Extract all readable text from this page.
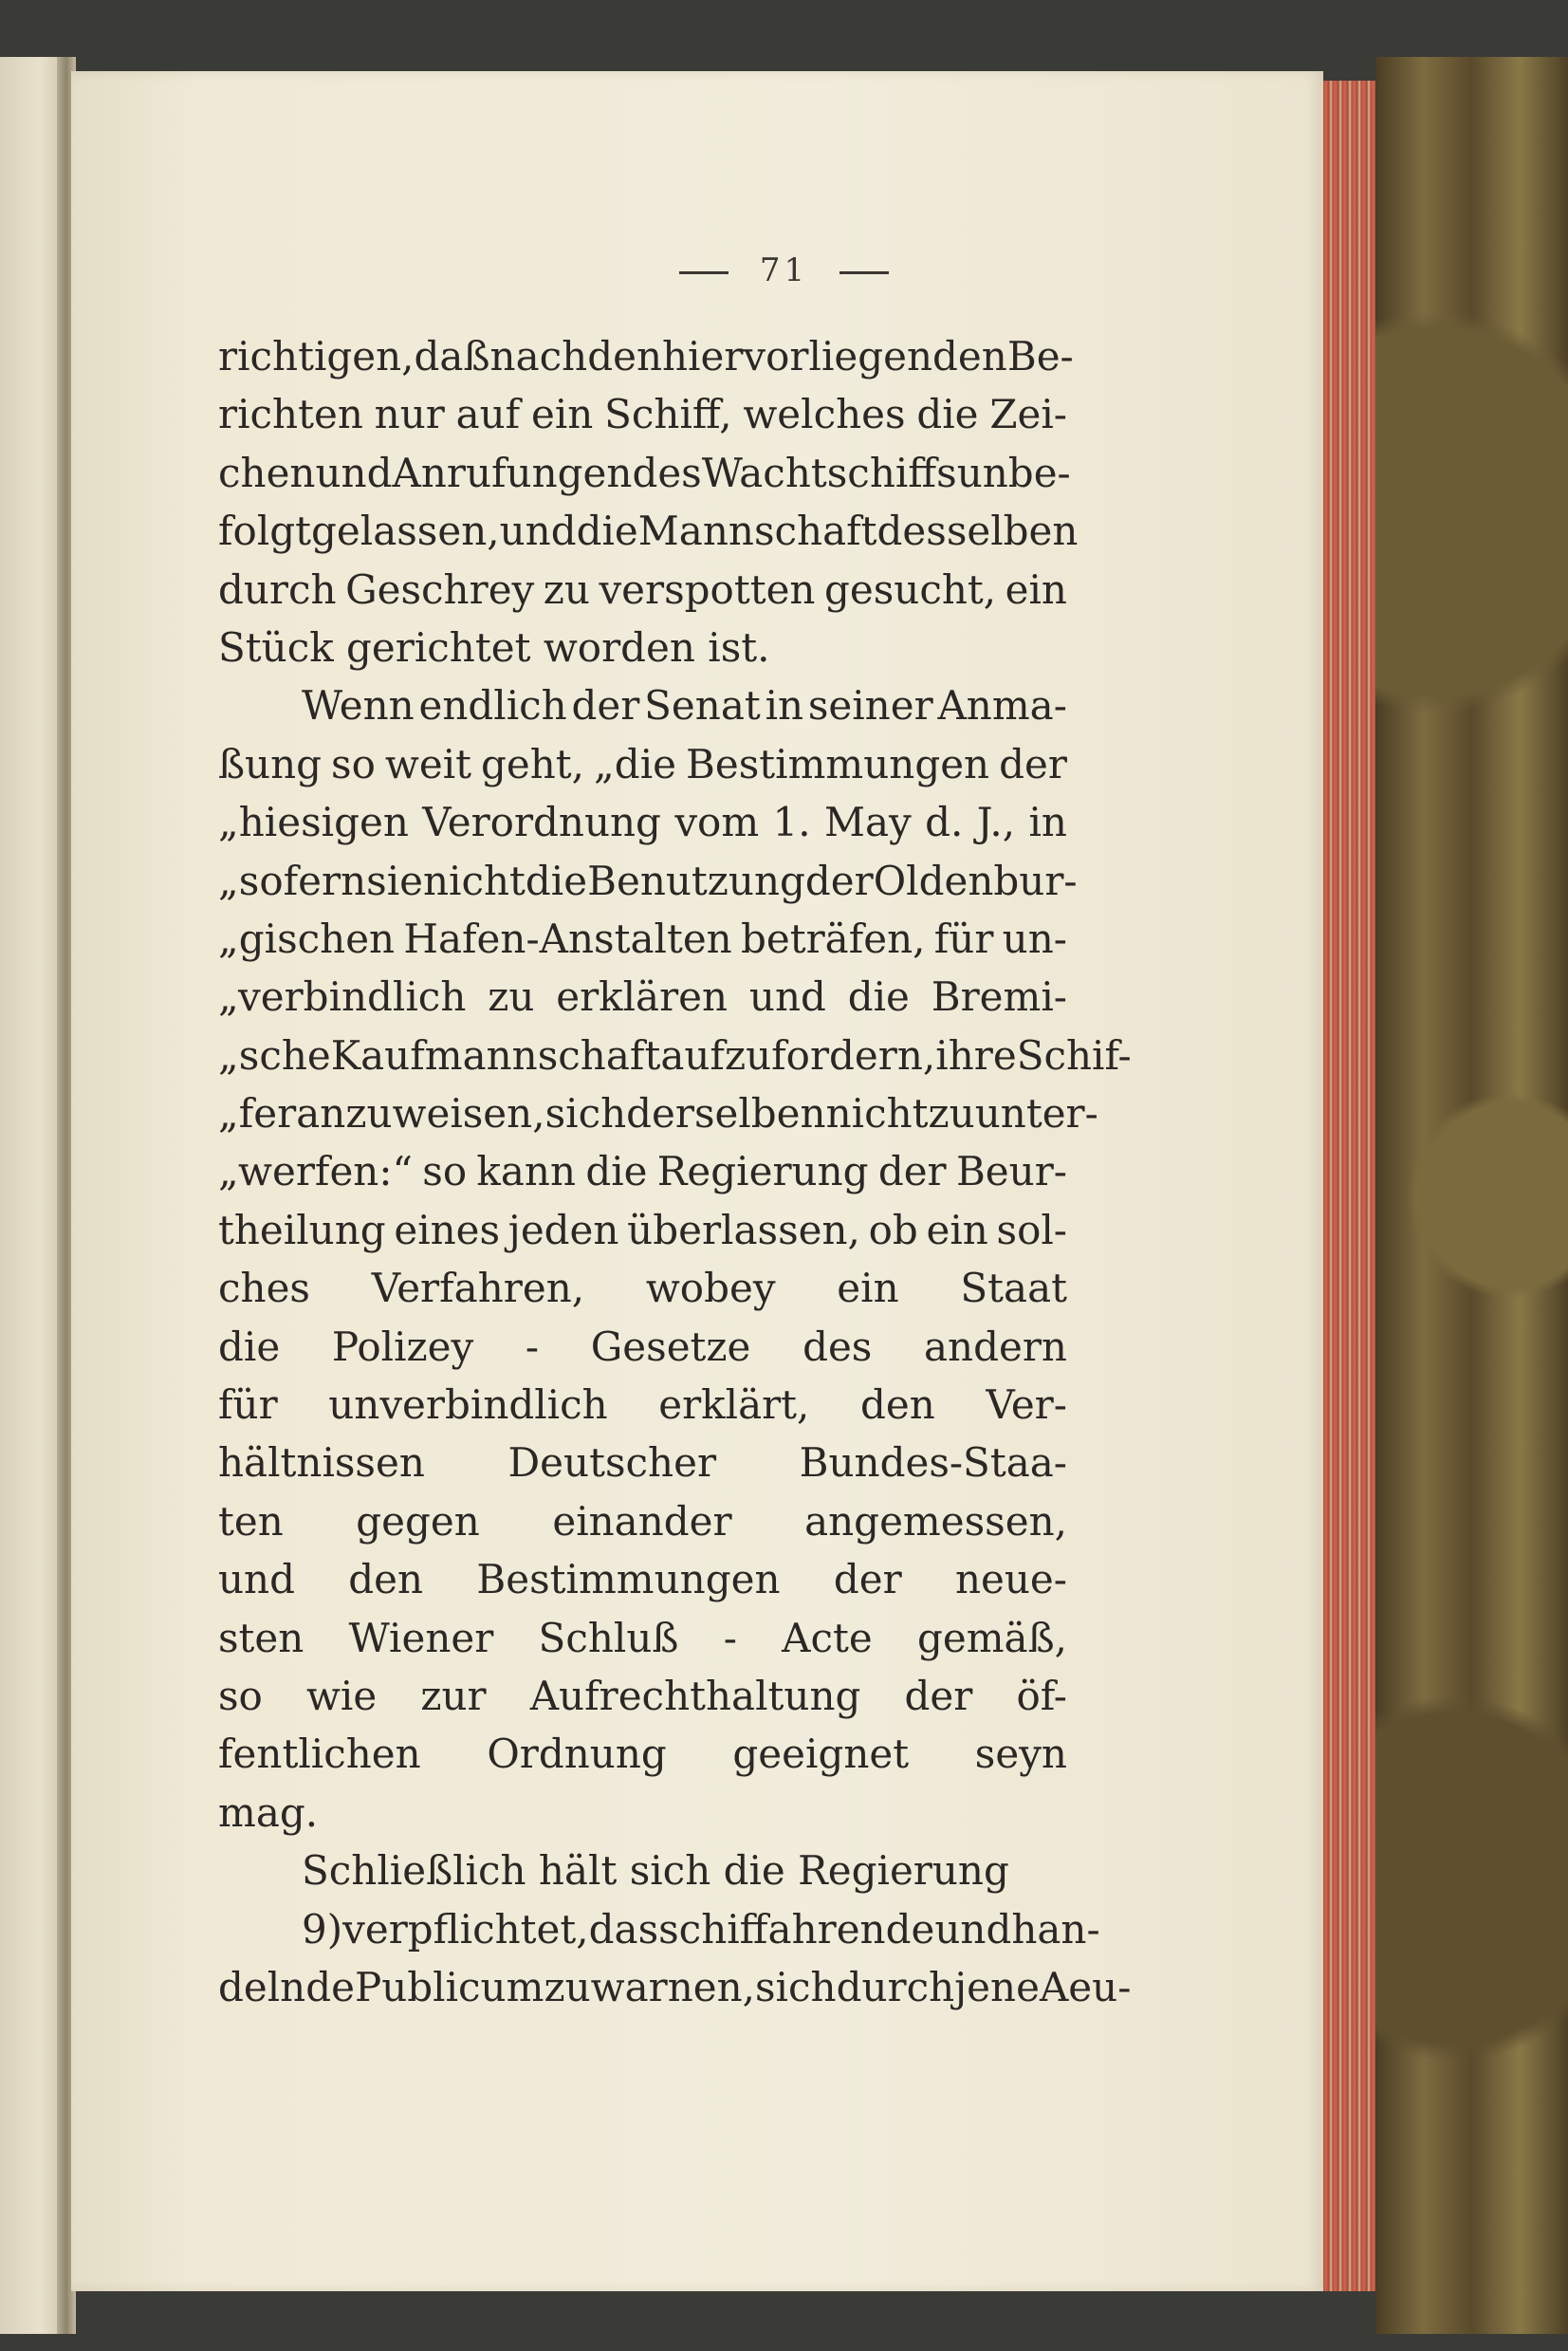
71
richtigen, daß nach den hier vorliegenden Be-
richten nur auf ein Schiff, welches die Zei-
chen und Anrufungen des Wachtschiffs unbe-
folgt gelassen, und die Mannschaft desselben
durch Geschrey zu verspotten gesucht, ein
Stück gerichtet worden ist.
Wenn endlich der Senat in seiner Anma-
ßung so weit geht, „die Bestimmungen der
„hiesigen Verordnung vom 1. May d. J., in
„so fern sie nicht die Benutzung der Oldenbur-
„gischen Hafen-Anstalten beträfen, für un-
„verbindlich zu erklären und die Bremi-
„sche Kaufmannschaft aufzufordern, ihre Schif-
„fer anzuweisen, sich derselben nicht zu unter-
„werfen:“ so kann die Regierung der Beur-
theilung eines jeden überlassen, ob ein sol-
ches Verfahren, wobey ein Staat
die Polizey - Gesetze des andern
für unverbindlich erklärt, den Ver-
hältnissen Deutscher Bundes-Staa-
ten gegen einander angemessen,
und den Bestimmungen der neue-
sten Wiener Schluß - Acte gemäß,
so wie zur Aufrechthaltung der öf-
fentlichen Ordnung geeignet seyn
mag.
Schließlich hält sich die Regierung
9) verpflichtet, das schiffahrende und han-
delnde Publicum zu warnen, sich durch jene Aeu-
